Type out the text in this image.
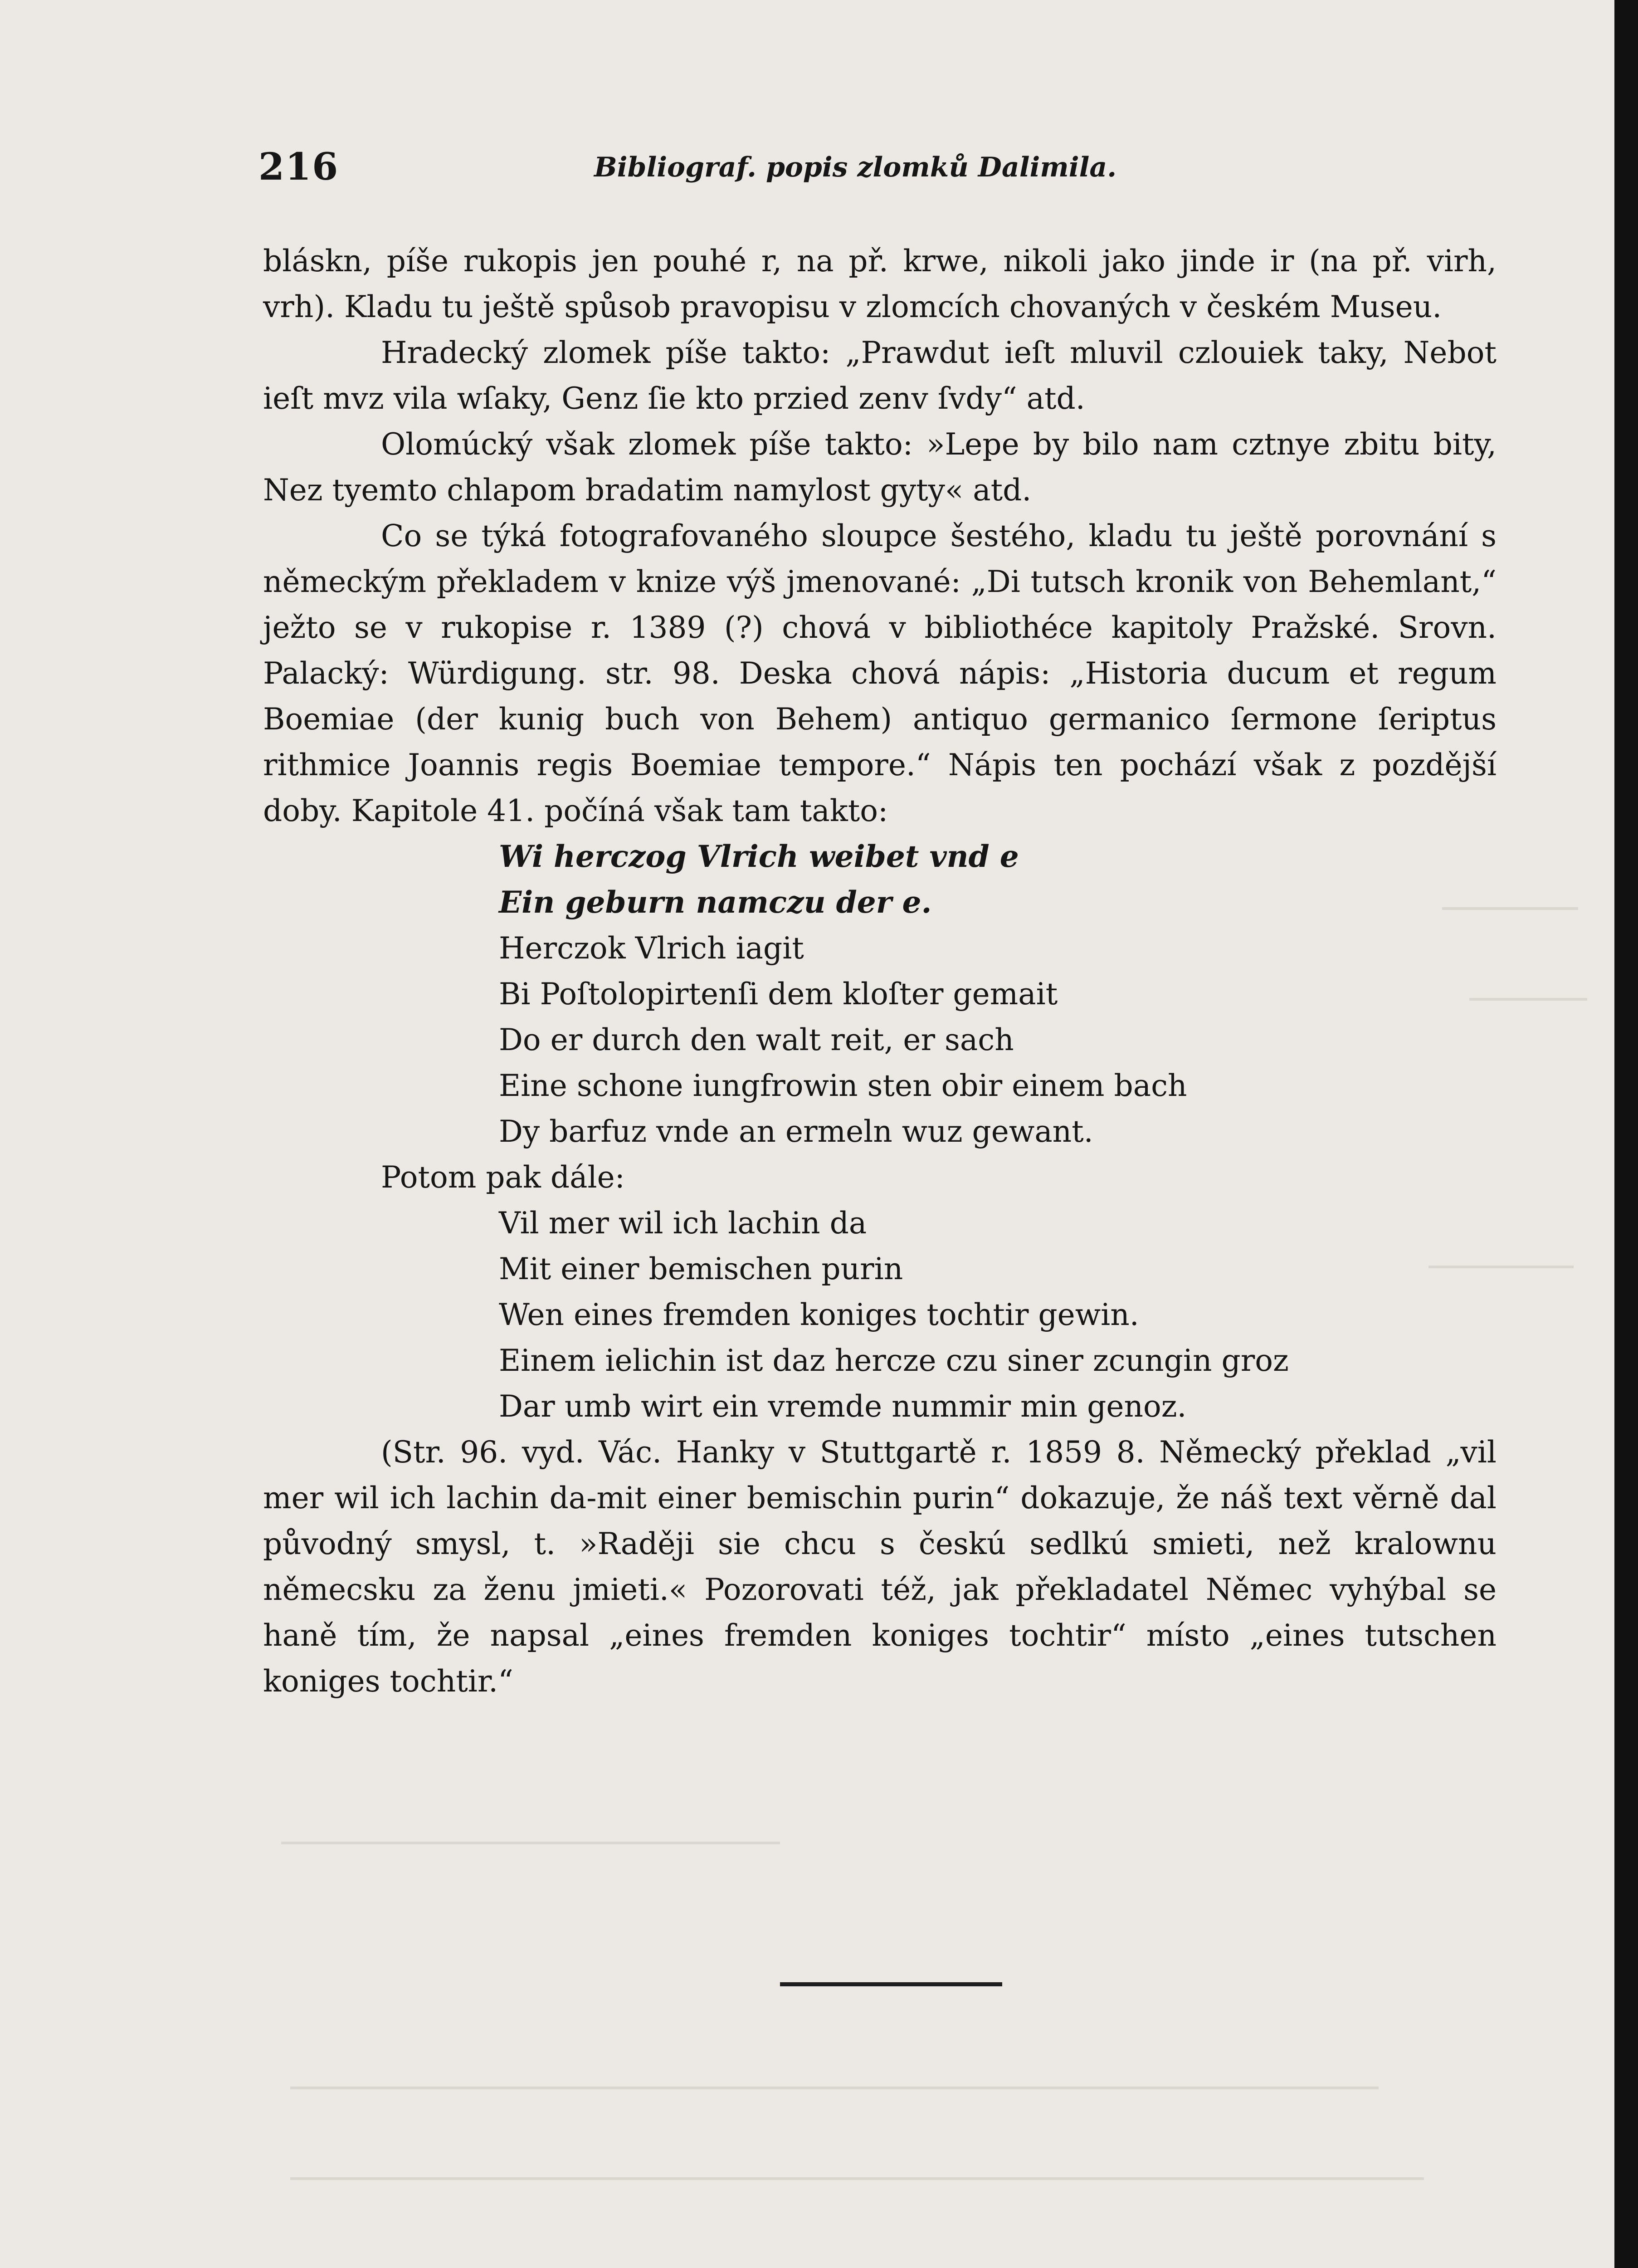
216	Bibliograf. popis zlomků Dalimila.

bláskn, píše rukopis jen pouhé r, na př. krwe, nikoli jako jinde ir (na př. virh, vrh). Kladu tu ještě spůsob pravopisu v zlomcích chovaných v českém Museu.

Hradecký zlomek píše takto: „Prawdut ieſt mluvil czlouiek taky, Nebot ieſt mvz vila wſaky, Genz ſie kto przied zenv ſvdy“ atd.

Olomúcký však zlomek píše takto: »Lepe by bilo nam cztnye zbitu bity, Nez tyemto chlapom bradatim namylost gyty« atd.

Co se týká fotografovaného sloupce šestého, kladu tu ještě porovnání s německým překladem v knize výš jmenované: „Di tutsch kronik von Behemlant,“ ježto se v rukopise r. 1389 (?) chová v bibliothéce kapitoly Pražské. Srovn. Palacký: Würdigung. str. 98. Deska chová nápis: „Historia ducum et regum Boemiae (der kunig buch von Behem) antiquo germanico ſermone ſeriptus rithmice Joannis regis Boemiae tempore.“ Nápis ten pochází však z pozdější doby. Kapitole 41. počíná však tam takto:

Wi herczog Vlrich weibet vnd e
Ein geburn namczu der e.
Herczok Vlrich iagit
Bi Poſtolopirtenſi dem kloſter gemait
Do er durch den walt reit, er sach
Eine schone iungfrowin sten obir einem bach
Dy barfuz vnde an ermeln wuz gewant.
Potom pak dále:
Vil mer wil ich lachin da
Mit einer bemischen purin
Wen eines fremden koniges tochtir gewin.
Einem ielichin ist daz hercze czu siner zcungin groz
Dar umb wirt ein vremde nummir min genoz.

(Str. 96. vyd. Vác. Hanky v Stuttgartě r. 1859 8. Německý překlad „vil mer wil ich lachin da-mit einer bemischin purin“ dokazuje, že náš text věrně dal původný smysl, t. »Raději sie chcu s českú sedlkú smieti, než kralownu němecsku za ženu jmieti.« Pozorovati též, jak překladatel Němec vyhýbal se haně tím, že napsal „eines fremden koniges tochtir“ místo „eines tutschen koniges tochtir.“
